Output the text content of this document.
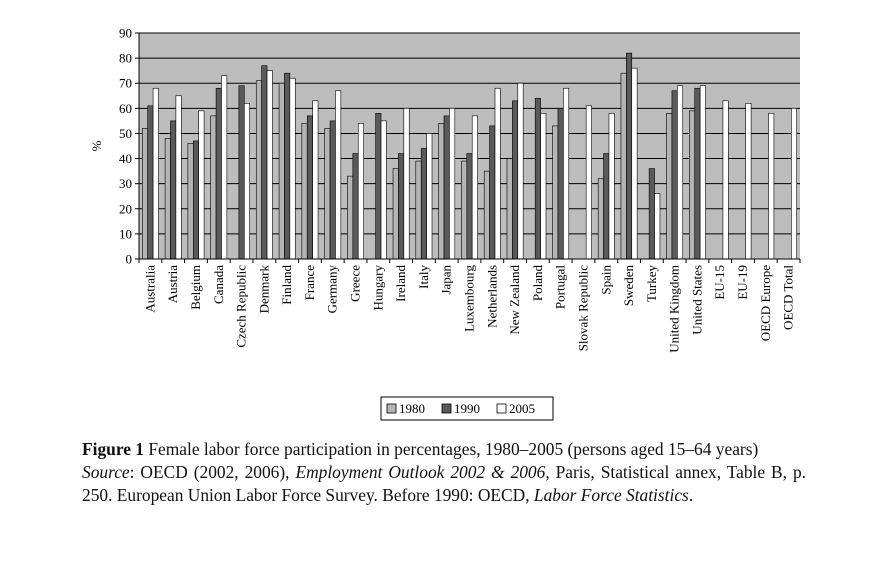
0
10
20
30
40
50
60
70
80
90
%
Australia Austria Belgium Canada Czech Republic Denmark Finland France Germany Greece Hungary Ireland Italy Japan Luxembourg Netherlands New Zealand Poland Portugal Slovak Republic Spain Sweden Turkey United Kingdom United States EU-15 EU-19 OECD Europe OECD Total
1980 1990 2005

Figure 1 Female labor force participation in percentages, 1980–2005 (persons aged 15–64 years)

Source: OECD (2002, 2006), Employment Outlook 2002 & 2006, Paris, Statistical annex, Table B, p. 250. European Union Labor Force Survey. Before 1990: OECD, Labor Force Statistics.
